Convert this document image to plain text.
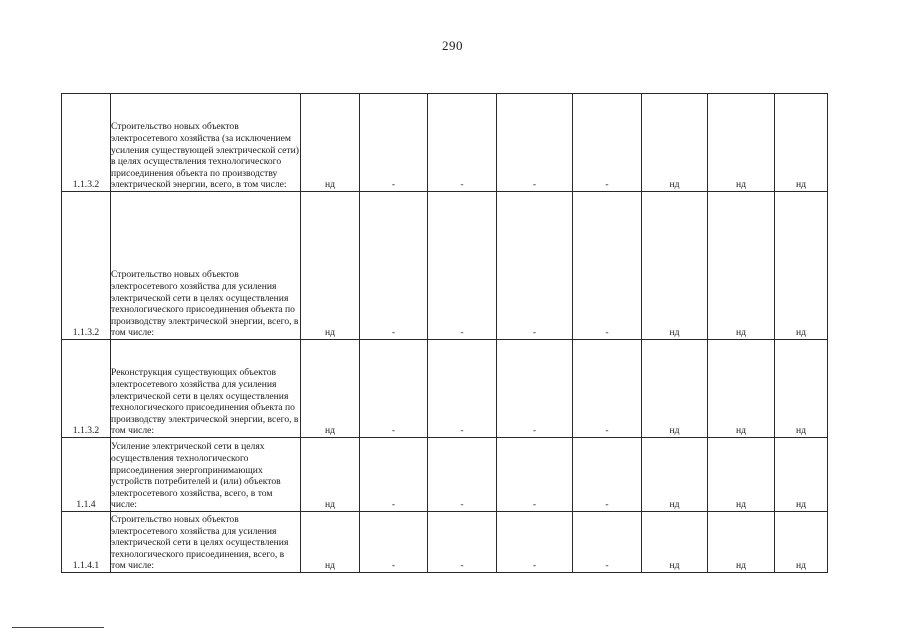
290
1.1.3.2	Строительство новых объектов электросетевого хозяйства (за исключением усиления существующей электрической сети) в целях осуществления технологического присоединения объекта по производству электрической энергии, всего, в том числе:	нд	-	-	-	-	нд	нд	нд
1.1.3.2	Строительство новых объектов электросетевого хозяйства для усиления электрической сети в целях осуществления технологического присоединения объекта по производству электрической энергии, всего, в том числе:	нд	-	-	-	-	нд	нд	нд
1.1.3.2	Реконструкция существующих объектов электросетевого хозяйства для усиления электрической сети в целях осуществления технологического присоединения объекта по производству электрической энергии, всего, в том числе:	нд	-	-	-	-	нд	нд	нд
1.1.4	Усиление электрической сети в целях осуществления технологического присоединения энергопринимающих устройств потребителей и (или) объектов электросетевого хозяйства, всего, в том числе:	нд	-	-	-	-	нд	нд	нд
1.1.4.1	Строительство новых объектов электросетевого хозяйства для усиления электрической сети в целях осуществления технологического присоединения, всего, в том числе:	нд	-	-	-	-	нд	нд	нд
